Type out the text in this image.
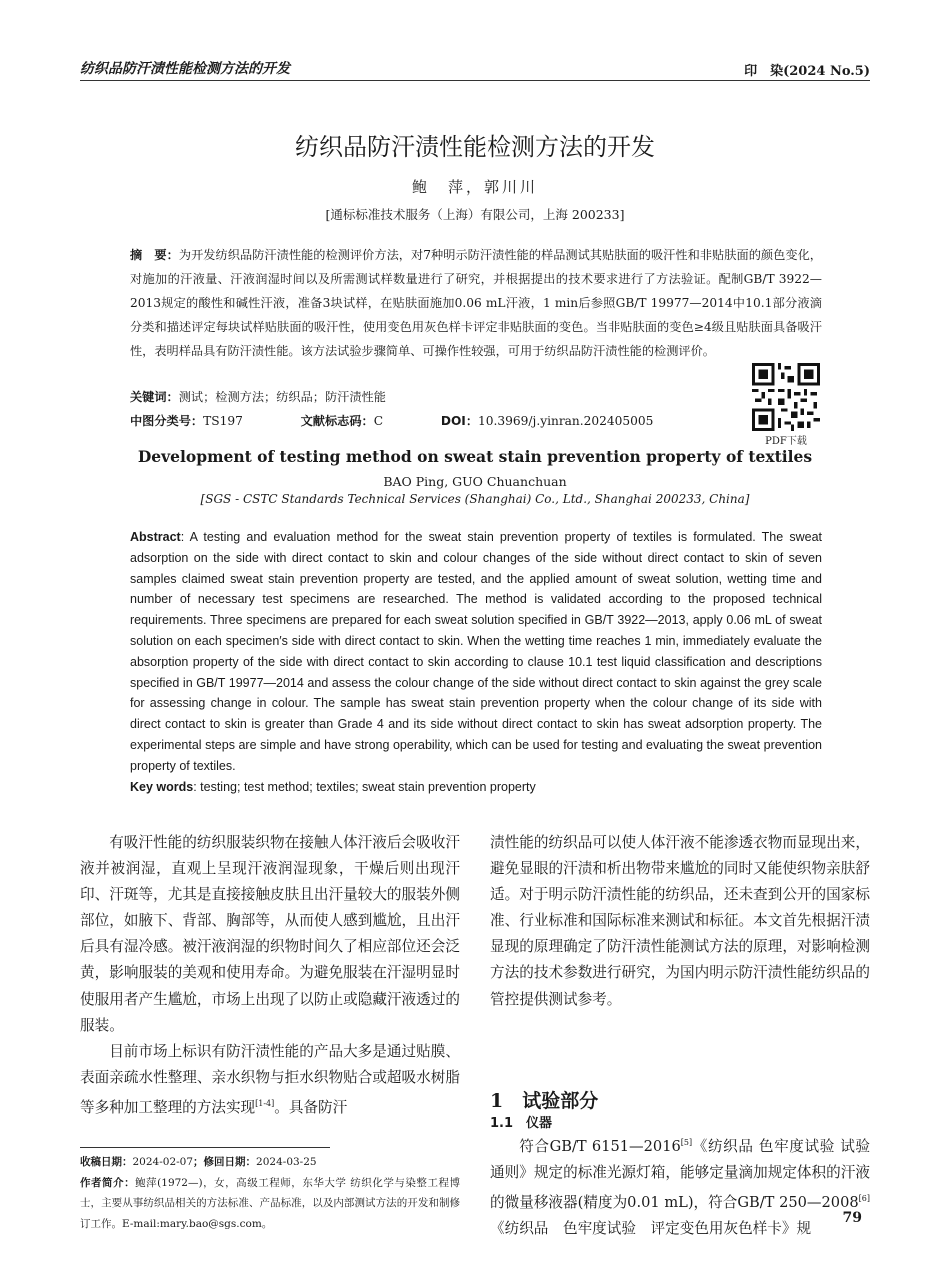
纺织品防汗渍性能检测方法的开发	印　染(2024 No.5)
纺织品防汗渍性能检测方法的开发
鲍　萍，郭川川
[通标标准技术服务（上海）有限公司，上海 200233]
摘　要：为开发纺织品防汗渍性能的检测评价方法，对7种明示防汗渍性能的样品测试其贴肤面的吸汗性和非贴肤面的颜色变化，对施加的汗液量、汗液润湿时间以及所需测试样数量进行了研究，并根据提出的技术要求进行了方法验证。配制GB/T 3922—2013规定的酸性和碱性汗液，准备3块试样，在贴肤面施加0.06 mL汗液，1 min后参照GB/T 19977—2014中10.1部分液滴分类和描述评定每块试样贴肤面的吸汗性，使用变色用灰色样卡评定非贴肤面的变色。当非贴肤面的变色≥4级且贴肤面具备吸汗性，表明样品具有防汗渍性能。该方法试验步骤简单、可操作性较强，可用于纺织品防汗渍性能的检测评价。
关键词：测试；检测方法；纺织品；防汗渍性能
中图分类号：TS197	文献标志码：C	DOI：10.3969/j.yinran.202405005
PDF下载
Development of testing method on sweat stain prevention property of textiles
BAO Ping, GUO Chuanchuan
[SGS - CSTC Standards Technical Services (Shanghai) Co., Ltd., Shanghai 200233, China]
Abstract: A testing and evaluation method for the sweat stain prevention property of textiles is formulated. The sweat adsorption on the side with direct contact to skin and colour changes of the side without direct contact to skin of seven samples claimed sweat stain prevention property are tested, and the applied amount of sweat solution, wetting time and number of necessary test specimens are researched. The method is validated according to the proposed technical requirements. Three specimens are prepared for each sweat solution specified in GB/T 3922—2013, apply 0.06 mL of sweat solution on each specimen′s side with direct contact to skin. When the wetting time reaches 1 min, immediately evaluate the absorption property of the side with direct contact to skin according to clause 10.1 test liquid classification and descriptions specified in GB/T 19977—2014 and assess the colour change of the side without direct contact to skin against the grey scale for assessing change in colour. The sample has sweat stain prevention property when the colour change of its side with direct contact to skin is greater than Grade 4 and its side without direct contact to skin has sweat adsorption property. The experimental steps are simple and have strong operability, which can be used for testing and evaluating the sweat prevention property of textiles.
Key words: testing; test method; textiles; sweat stain prevention property

有吸汗性能的纺织服装织物在接触人体汗液后会吸收汗液并被润湿，直观上呈现汗液润湿现象，干燥后则出现汗印、汗斑等，尤其是直接接触皮肤且出汗量较大的服装外侧部位，如腋下、背部、胸部等，从而使人感到尴尬，且出汗后具有湿冷感。被汗液润湿的织物时间久了相应部位还会泛黄，影响服装的美观和使用寿命。为避免服装在汗湿明显时使服用者产生尴尬，市场上出现了以防止或隐藏汗液透过的服装。

目前市场上标识有防汗渍性能的产品大多是通过贴膜、表面亲疏水性整理、亲水织物与拒水织物贴合或超吸水树脂等多种加工整理的方法实现[1-4]。具备防汗

渍性能的纺织品可以使人体汗液不能渗透衣物而显现出来，避免显眼的汗渍和析出物带来尴尬的同时又能使织物亲肤舒适。对于明示防汗渍性能的纺织品，还未查到公开的国家标准、行业标准和国际标准来测试和标征。本文首先根据汗渍显现的原理确定了防汗渍性能测试方法的原理，对影响检测方法的技术参数进行研究，为国内明示防汗渍性能纺织品的管控提供测试参考。

1　试验部分
1.1　仪器

符合GB/T 6151—2016[5]《纺织品 色牢度试验 试验通则》规定的标准光源灯箱，能够定量滴加规定体积的汗液的微量移液器(精度为0.01 mL)，符合GB/T 250—2008[6]《纺织品　色牢度试验　评定变色用灰色样卡》规

收稿日期：2024-02-07；修回日期：2024-03-25
作者简介：鲍萍(1972—)，女，高级工程师，东华大学 纺织化学与染整工程博士，主要从事纺织品相关的方法标准、产品标准，以及内部测试方法的开发和制修订工作。E-mail:mary.bao@sgs.com。	79
